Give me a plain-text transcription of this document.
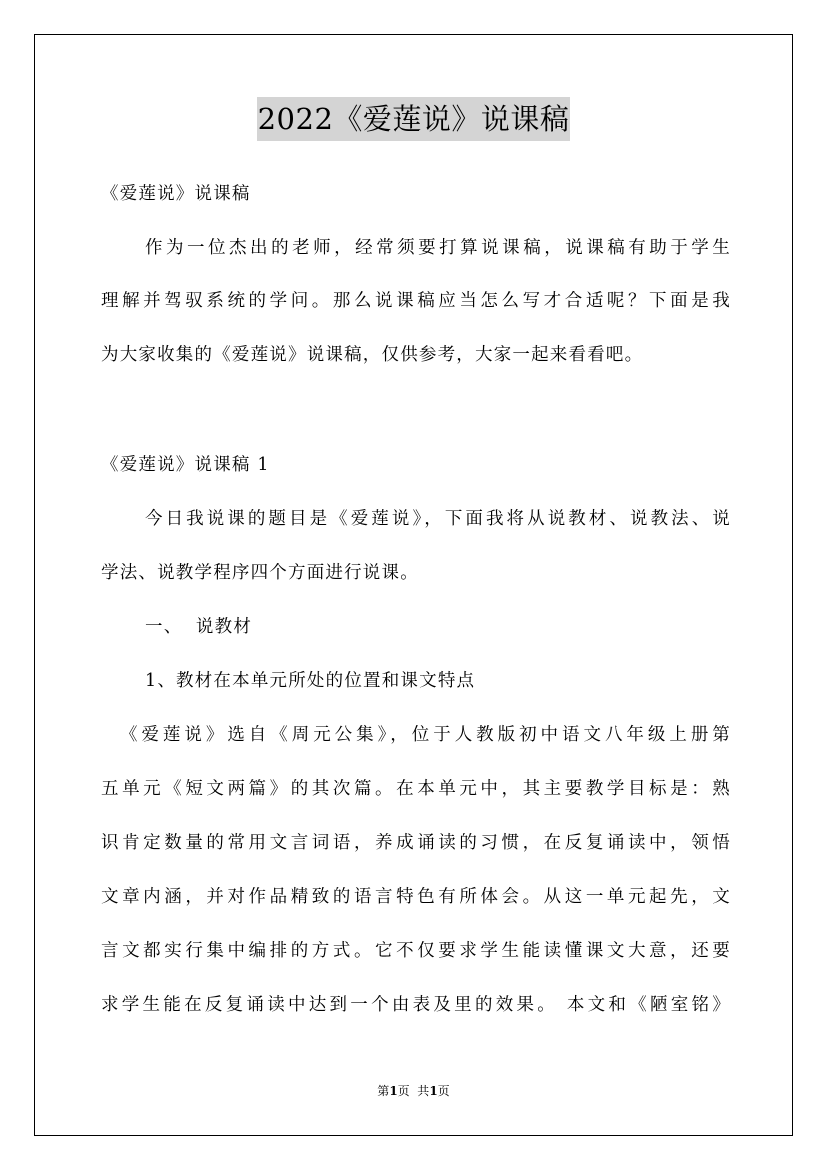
2022《爱莲说》说课稿
《爱莲说》说课稿
作为一位杰出的老师，经常须要打算说课稿，说课稿有助于学生
理解并驾驭系统的学问。那么说课稿应当怎么写才合适呢？下面是我
为大家收集的《爱莲说》说课稿，仅供参考，大家一起来看看吧。
《爱莲说》说课稿 1
今日我说课的题目是《爱莲说》，下面我将从说教材、说教法、说
学法、说教学程序四个方面进行说课。
一、  说教材
1、教材在本单元所处的位置和课文特点
《爱莲说》选自《周元公集》，位于人教版初中语文八年级上册第
五单元《短文两篇》的其次篇。在本单元中，其主要教学目标是：熟
识肯定数量的常用文言词语，养成诵读的习惯，在反复诵读中，领悟
文章内涵，并对作品精致的语言特色有所体会。从这一单元起先，文
言文都实行集中编排的方式。它不仅要求学生能读懂课文大意，还要
求学生能在反复诵读中达到一个由表及里的效果。 本文和《陋室铭》
第1页  共1页
